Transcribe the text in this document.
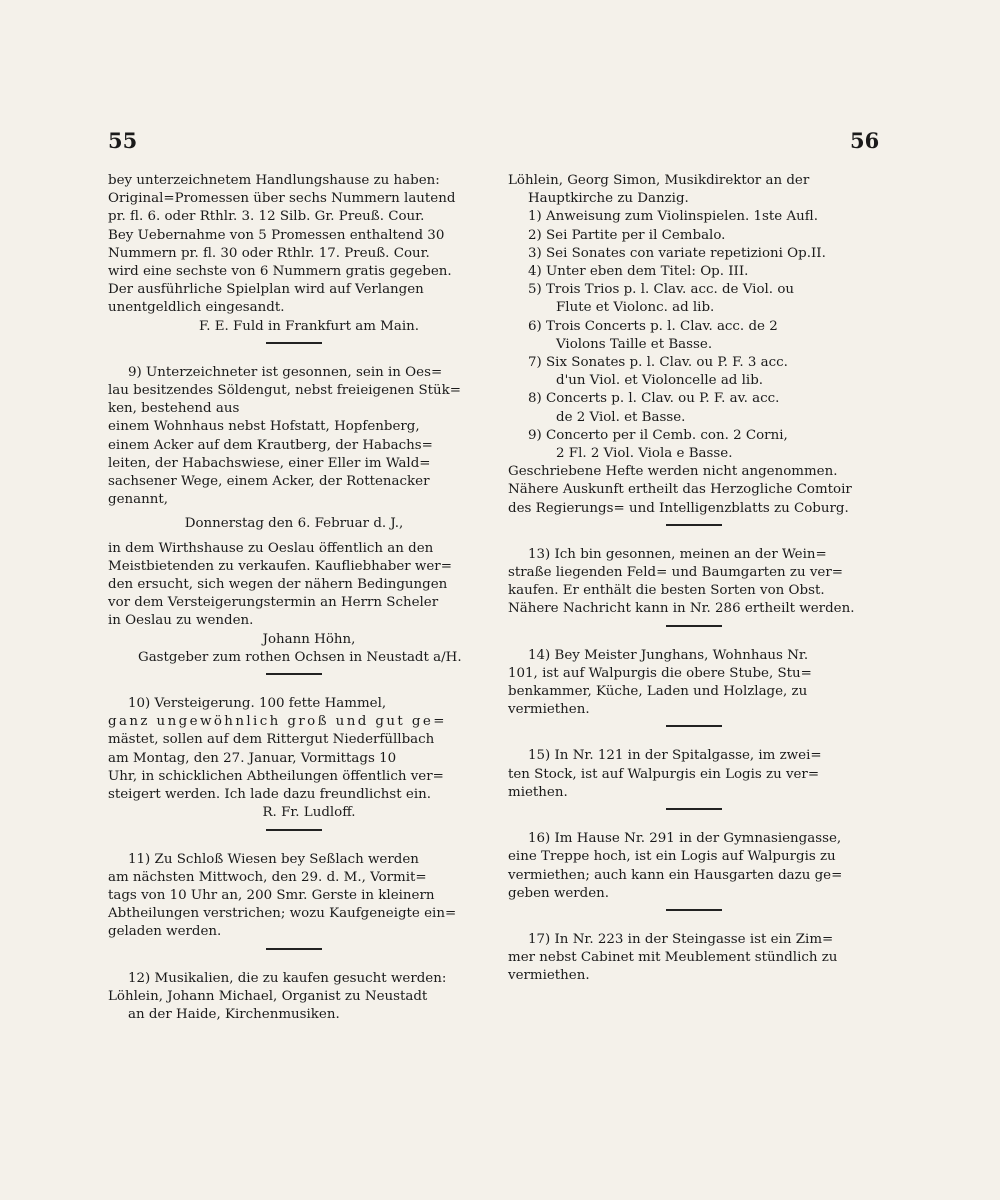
55	56
bey unterzeichnetem Handlungshause zu haben:
Original=Promessen über sechs Nummern lautend
pr. fl. 6. oder Rthlr. 3. 12 Silb. Gr. Preuß. Cour.
Bey Uebernahme von 5 Promessen enthaltend 30
Nummern pr. fl. 30 oder Rthlr. 17. Preuß. Cour.
wird eine sechste von 6 Nummern gratis gegeben.
Der ausführliche Spielplan wird auf Verlangen
unentgeldlich eingesandt.
F. E. Fuld in Frankfurt am Main.
9) Unterzeichneter ist gesonnen, sein in Oes=
lau besitzendes Söldengut, nebst freieigenen Stük=
ken, bestehend aus
einem Wohnhaus nebst Hofstatt, Hopfenberg,
einem Acker auf dem Krautberg, der Habachs=
leiten, der Habachswiese, einer Eller im Wald=
sachsener Wege, einem Acker, der Rottenacker
genannt,
Donnerstag den 6. Februar d. J.,
in dem Wirthshause zu Oeslau öffentlich an den
Meistbietenden zu verkaufen. Kaufliebhaber wer=
den ersucht, sich wegen der nähern Bedingungen
vor dem Versteigerungstermin an Herrn Scheler
in Oeslau zu wenden.
Johann Höhn,
Gastgeber zum rothen Ochsen in Neustadt a/H.
10) Versteigerung. 100 fette Hammel,
ganz ungewöhnlich groß und gut ge=
mästet, sollen auf dem Rittergut Niederfüllbach
am Montag, den 27. Januar, Vormittags 10
Uhr, in schicklichen Abtheilungen öffentlich ver=
steigert werden. Ich lade dazu freundlichst ein.
R. Fr. Ludloff.
11) Zu Schloß Wiesen bey Seßlach werden
am nächsten Mittwoch, den 29. d. M., Vormit=
tags von 10 Uhr an, 200 Smr. Gerste in kleinern
Abtheilungen verstrichen; wozu Kaufgeneigte ein=
geladen werden.
12) Musikalien, die zu kaufen gesucht werden:
Löhlein, Johann Michael, Organist zu Neustadt
an der Haide, Kirchenmusiken.
Löhlein, Georg Simon, Musikdirektor an der
Hauptkirche zu Danzig.
1) Anweisung zum Violinspielen. 1ste Aufl.
2) Sei Partite per il Cembalo.
3) Sei Sonates con variate repetizioni Op.II.
4) Unter eben dem Titel: Op. III.
5) Trois Trios p. l. Clav. acc. de Viol. ou
Flute et Violonc. ad lib.
6) Trois Concerts p. l. Clav. acc. de 2
Violons Taille et Basse.
7) Six Sonates p. l. Clav. ou P. F. 3 acc.
d'un Viol. et Violoncelle ad lib.
8) Concerts p. l. Clav. ou P. F. av. acc.
de 2 Viol. et Basse.
9) Concerto per il Cemb. con. 2 Corni,
2 Fl. 2 Viol. Viola e Basse.
Geschriebene Hefte werden nicht angenommen.
Nähere Auskunft ertheilt das Herzogliche Comtoir
des Regierungs= und Intelligenzblatts zu Coburg.
13) Ich bin gesonnen, meinen an der Wein=
straße liegenden Feld= und Baumgarten zu ver=
kaufen. Er enthält die besten Sorten von Obst.
Nähere Nachricht kann in Nr. 286 ertheilt werden.
14) Bey Meister Junghans, Wohnhaus Nr.
101, ist auf Walpurgis die obere Stube, Stu=
benkammer, Küche, Laden und Holzlage, zu
vermiethen.
15) In Nr. 121 in der Spitalgasse, im zwei=
ten Stock, ist auf Walpurgis ein Logis zu ver=
miethen.
16) Im Hause Nr. 291 in der Gymnasiengasse,
eine Treppe hoch, ist ein Logis auf Walpurgis zu
vermiethen; auch kann ein Hausgarten dazu ge=
geben werden.
17) In Nr. 223 in der Steingasse ist ein Zim=
mer nebst Cabinet mit Meublement stündlich zu
vermiethen.
